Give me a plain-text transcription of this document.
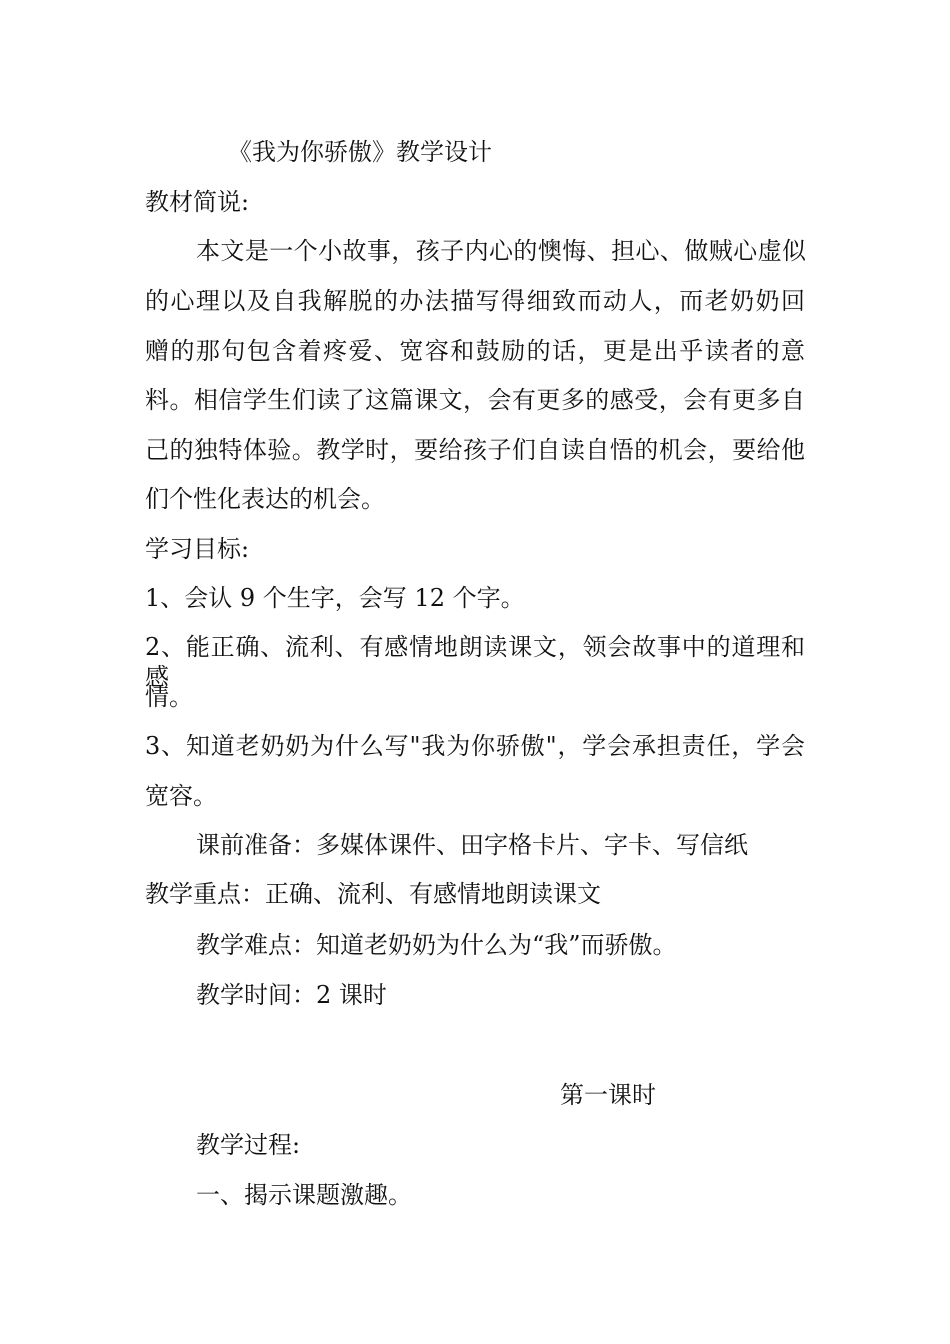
《我为你骄傲》教学设计
教材简说:
本文是一个小故事，孩子内心的懊悔、担心、做贼心虚似
的心理以及自我解脱的办法描写得细致而动人，而老奶奶回
赠的那句包含着疼爱、宽容和鼓励的话，更是出乎读者的意
料。相信学生们读了这篇课文，会有更多的感受，会有更多自
己的独特体验。教学时，要给孩子们自读自悟的机会，要给他
们个性化表达的机会。
学习目标:
1、会认 9 个生字，会写 12 个字。
2、能正确、流利、有感情地朗读课文，领会故事中的道理和感
情。
3、知道老奶奶为什么写"我为你骄傲"，学会承担责任，学会
宽容。
课前准备：多媒体课件、田字格卡片、字卡、写信纸
教学重点：正确、流利、有感情地朗读课文
教学难点：知道老奶奶为什么为“我”而骄傲。
教学时间：2 课时
第一课时
教学过程:
一、揭示课题激趣。
